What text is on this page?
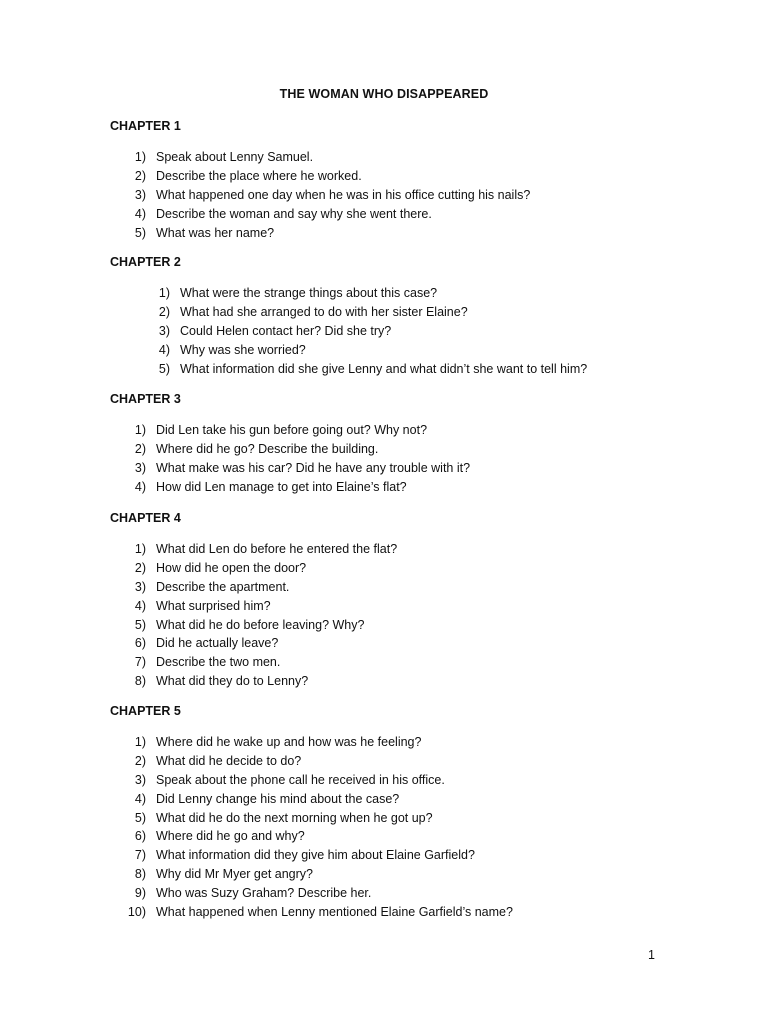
THE WOMAN WHO DISAPPEARED
CHAPTER 1
1) Speak about Lenny Samuel.
2) Describe the place where he worked.
3) What happened one day when he was in his office cutting his nails?
4) Describe the woman and say why she went there.
5) What was her name?
CHAPTER 2
1) What were the strange things about this case?
2) What had she arranged to do with her sister Elaine?
3) Could Helen contact her? Did she try?
4) Why was she worried?
5) What information did she give Lenny and what didn’t she want to tell him?
CHAPTER 3
1) Did Len take his gun before going out? Why not?
2) Where did he go? Describe the building.
3) What make was his car? Did he have any trouble with it?
4) How did Len manage to get into Elaine’s flat?
CHAPTER 4
1) What did Len do before he entered the flat?
2) How did he open the door?
3) Describe the apartment.
4) What surprised him?
5) What did he do before leaving? Why?
6) Did he actually leave?
7) Describe the two men.
8) What did they do to Lenny?
CHAPTER 5
1) Where did he wake up and how was he feeling?
2) What did he decide to do?
3) Speak about the phone call he received in his office.
4) Did Lenny change his mind about the case?
5) What did he do the next morning when he got up?
6) Where did he go and why?
7) What information did they give him about Elaine Garfield?
8) Why did Mr Myer get angry?
9) Who was Suzy Graham? Describe her.
10) What happened when Lenny mentioned Elaine Garfield’s name?
1
